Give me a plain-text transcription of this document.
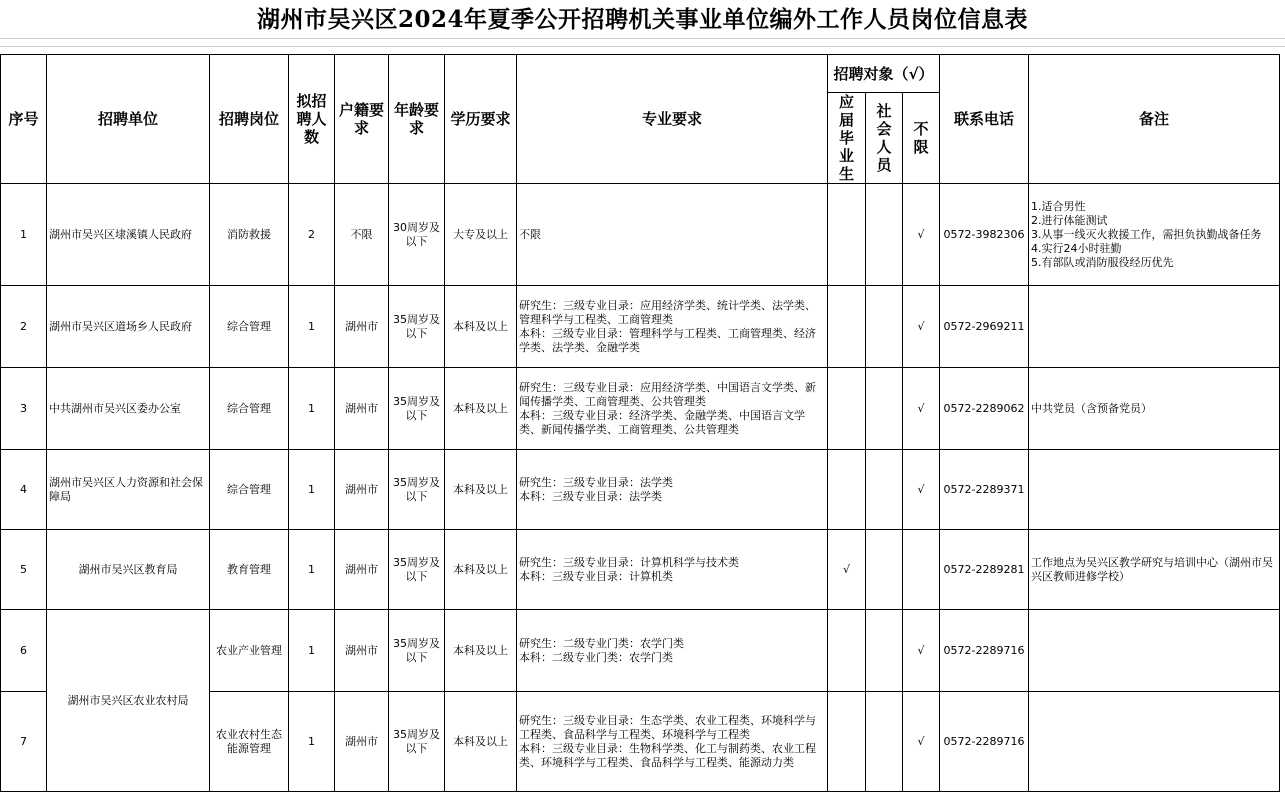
湖州市吴兴区2024年夏季公开招聘机关事业单位编外工作人员岗位信息表
序号	招聘单位	招聘岗位	拟招聘人数	户籍要求	年龄要求	学历要求	专业要求	招聘对象（√）			联系电话	备注
								应届毕业生	社会人员	不限		
1	湖州市吴兴区埭溪镇人民政府	消防救援	2	不限	30周岁及以下	大专及以上	不限			√	0572-3982306	1.适合男性
2.进行体能测试
3.从事一线灭火救援工作，需担负执勤战备任务
4.实行24小时驻勤
5.有部队或消防服役经历优先
2	湖州市吴兴区道场乡人民政府	综合管理	1	湖州市	35周岁及以下	本科及以上	研究生：三级专业目录：应用经济学类、统计学类、法学类、管理科学与工程类、工商管理类
本科：三级专业目录：管理科学与工程类、工商管理类、经济学类、法学类、金融学类			√	0572-2969211	
3	中共湖州市吴兴区委办公室	综合管理	1	湖州市	35周岁及以下	本科及以上	研究生：三级专业目录：应用经济学类、中国语言文学类、新闻传播学类、工商管理类、公共管理类
本科：三级专业目录：经济学类、金融学类、中国语言文学类、新闻传播学类、工商管理类、公共管理类			√	0572-2289062	中共党员（含预备党员）
4	湖州市吴兴区人力资源和社会保障局	综合管理	1	湖州市	35周岁及以下	本科及以上	研究生：三级专业目录：法学类
本科：三级专业目录：法学类			√	0572-2289371	
5	湖州市吴兴区教育局	教育管理	1	湖州市	35周岁及以下	本科及以上	研究生：三级专业目录：计算机科学与技术类
本科：三级专业目录：计算机类	√			0572-2289281	工作地点为吴兴区教学研究与培训中心（湖州市吴兴区教师进修学校）
6	湖州市吴兴区农业农村局	农业产业管理	1	湖州市	35周岁及以下	本科及以上	研究生：二级专业门类：农学门类
本科：二级专业门类：农学门类			√	0572-2289716	
7		农业农村生态能源管理	1	湖州市	35周岁及以下	本科及以上	研究生：三级专业目录：生态学类、农业工程类、环境科学与工程类、食品科学与工程类、环境科学与工程类
本科：三级专业目录：生物科学类、化工与制药类、农业工程类、环境科学与工程类、食品科学与工程类、能源动力类			√	0572-2289716	
